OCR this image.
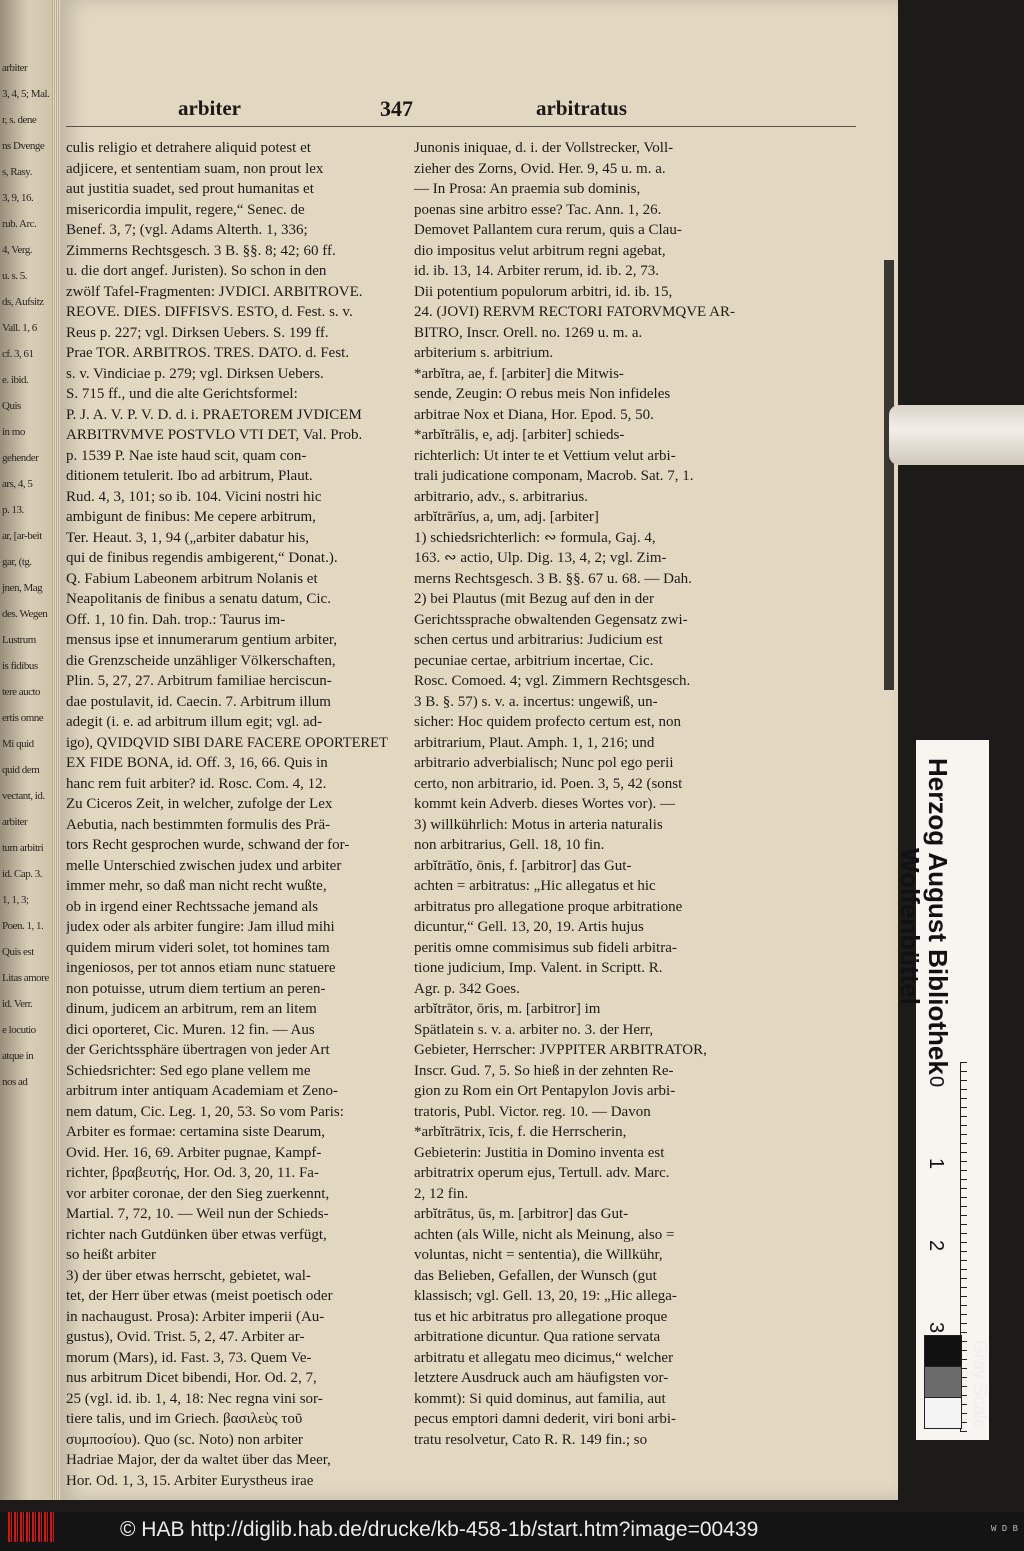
arbiter
3, 4, 5; Mal.
r, s. dene
ns Dvenge
s, Rasy.
3, 9, 16.
rub. Arc.
4, Verg.
u. s. 5.
ds, Aufsitz
Vall. 1, 6
cf. 3, 61
e. ibid.
Quis
in mo
gehender
ars, 4, 5
p. 13.
ar, [ar-beit
gar, (tg.
jnen, Mag
des. Wegen
Lustrum
is fidibus
tere aucto
ertis omne
Mi quid
quid dem
vectant, id.
arbiter
tum arbitri
id. Cap. 3.
1, 1, 3;
Poen. 1, 1.
Quis est
Litas amore
id. Verr.
e locutio
atque in
nos ad
arbiter	347	arbitratus
culis religio et detrahere aliquid potest et
adjicere, et sententiam suam, non prout lex
aut justitia suadet, sed prout humanitas et
misericordia impulit, regere,“ Senec. de
Benef. 3, 7; (vgl. Adams Alterth. 1, 336;
Zimmerns Rechtsgesch. 3 B. §§. 8; 42; 60 ff.
u. die dort angef. Juristen). So schon in den
zwölf Tafel-Fragmenten: JVDICI. ARBITROVE.
REOVE. DIES. DIFFISVS. ESTO, d. Fest. s. v.
Reus p. 227; vgl. Dirksen Uebers. S. 199 ff.
Prae TOR. ARBITROS. TRES. DATO. d. Fest.
s. v. Vindiciae p. 279; vgl. Dirksen Uebers.
S. 715 ff., und die alte Gerichtsformel:
P. J. A. V. P. V. D. d. i. PRAETOREM JVDICEM
ARBITRVMVE POSTVLO VTI DET, Val. Prob.
p. 1539 P. Nae iste haud scit, quam con-
ditionem tetulerit. Ibo ad arbitrum, Plaut.
Rud. 4, 3, 101; so ib. 104. Vicini nostri hic
ambigunt de finibus: Me cepere arbitrum,
Ter. Heaut. 3, 1, 94 („arbiter dabatur his,
qui de finibus regendis ambigerent,“ Donat.).
Q. Fabium Labeonem arbitrum Nolanis et
Neapolitanis de finibus a senatu datum, Cic.
Off. 1, 10 fin. Dah. trop.: Taurus im-
mensus ipse et innumerarum gentium arbiter,
die Grenzscheide unzähliger Völkerschaften,
Plin. 5, 27, 27. Arbitrum familiae herciscun-
dae postulavit, id. Caecin. 7. Arbitrum illum
adegit (i. e. ad arbitrum illum egit; vgl. ad-
igo), QVIDQVID SIBI DARE FACERE OPORTERET
EX FIDE BONA, id. Off. 3, 16, 66. Quis in
hanc rem fuit arbiter? id. Rosc. Com. 4, 12.
Zu Ciceros Zeit, in welcher, zufolge der Lex
Aebutia, nach bestimmten formulis des Prä-
tors Recht gesprochen wurde, schwand der for-
melle Unterschied zwischen judex und arbiter
immer mehr, so daß man nicht recht wußte,
ob in irgend einer Rechtssache jemand als
judex oder als arbiter fungire: Jam illud mihi
quidem mirum videri solet, tot homines tam
ingeniosos, per tot annos etiam nunc statuere
non potuisse, utrum diem tertium an peren-
dinum, judicem an arbitrum, rem an litem
dici oporteret, Cic. Muren. 12 fin. — Aus
der Gerichtssphäre übertragen von jeder Art
Schiedsrichter: Sed ego plane vellem me
arbitrum inter antiquam Academiam et Zeno-
nem datum, Cic. Leg. 1, 20, 53. So vom Paris:
Arbiter es formae: certamina siste Dearum,
Ovid. Her. 16, 69. Arbiter pugnae, Kampf-
richter, βραβευτής, Hor. Od. 3, 20, 11. Fa-
vor arbiter coronae, der den Sieg zuerkennt,
Martial. 7, 72, 10. — Weil nun der Schieds-
richter nach Gutdünken über etwas verfügt,
so heißt arbiter
3) der über etwas herrscht, gebietet, wal-
tet, der Herr über etwas (meist poetisch oder
in nachaugust. Prosa): Arbiter imperii (Au-
gustus), Ovid. Trist. 5, 2, 47. Arbiter ar-
morum (Mars), id. Fast. 3, 73. Quem Ve-
nus arbitrum Dicet bibendi, Hor. Od. 2, 7,
25 (vgl. id. ib. 1, 4, 18: Nec regna vini sor-
tiere talis, und im Griech. βασιλεὺς τοῦ
συμποσίου). Quo (sc. Noto) non arbiter
Hadriae Major, der da waltet über das Meer,
Hor. Od. 1, 3, 15. Arbiter Eurystheus irae
Junonis iniquae, d. i. der Vollstrecker, Voll-
zieher des Zorns, Ovid. Her. 9, 45 u. m. a.
— In Prosa: An praemia sub dominis,
poenas sine arbitro esse? Tac. Ann. 1, 26.
Demovet Pallantem cura rerum, quis a Clau-
dio impositus velut arbitrum regni agebat,
id. ib. 13, 14. Arbiter rerum, id. ib. 2, 73.
Dii potentium populorum arbitri, id. ib. 15,
24. (JOVI) RERVM RECTORI FATORVMQVE AR-
BITRO, Inscr. Orell. no. 1269 u. m. a.
arbiterium s. arbitrium.
*arbĭtra, ae, f. [arbiter] die Mitwis-
sende, Zeugin: O rebus meis Non infideles
arbitrae Nox et Diana, Hor. Epod. 5, 50.
*arbĭtrālis, e, adj. [arbiter] schieds-
richterlich: Ut inter te et Vettium velut arbi-
trali judicatione componam, Macrob. Sat. 7, 1.
arbitrario, adv., s. arbitrarius.
arbĭtrārĭus, a, um, adj. [arbiter]
1) schiedsrichterlich: ∾ formula, Gaj. 4,
163. ∾ actio, Ulp. Dig. 13, 4, 2; vgl. Zim-
merns Rechtsgesch. 3 B. §§. 67 u. 68. — Dah.
2) bei Plautus (mit Bezug auf den in der
Gerichtssprache obwaltenden Gegensatz zwi-
schen certus und arbitrarius: Judicium est
pecuniae certae, arbitrium incertae, Cic.
Rosc. Comoed. 4; vgl. Zimmern Rechtsgesch.
3 B. §. 57) s. v. a. incertus: ungewiß, un-
sicher: Hoc quidem profecto certum est, non
arbitrarium, Plaut. Amph. 1, 1, 216; und
arbitrario adverbialisch; Nunc pol ego perii
certo, non arbitrario, id. Poen. 3, 5, 42 (sonst
kommt kein Adverb. dieses Wortes vor). —
3) willkührlich: Motus in arteria naturalis
non arbitrarius, Gell. 18, 10 fin.
arbĭtrātĭo, ōnis, f. [arbitror] das Gut-
achten = arbitratus: „Hic allegatus et hic
arbitratus pro allegatione proque arbitratione
dicuntur,“ Gell. 13, 20, 19. Artis hujus
peritis omne commisimus sub fideli arbitra-
tione judicium, Imp. Valent. in Scriptt. R.
Agr. p. 342 Goes.
arbĭtrātor, ōris, m. [arbitror] im
Spätlatein s. v. a. arbiter no. 3. der Herr,
Gebieter, Herrscher: JVPPITER ARBITRATOR,
Inscr. Gud. 7, 5. So hieß in der zehnten Re-
gion zu Rom ein Ort Pentapylon Jovis arbi-
tratoris, Publ. Victor. reg. 10. — Davon
*arbĭtrātrix, īcis, f. die Herrscherin,
Gebieterin: Justitia in Domino inventa est
arbitratrix operum ejus, Tertull. adv. Marc.
2, 12 fin.
arbĭtrātus, ūs, m. [arbitror] das Gut-
achten (als Wille, nicht als Meinung, also =
voluntas, nicht = sententia), die Willkühr,
das Belieben, Gefallen, der Wunsch (gut
klassisch; vgl. Gell. 13, 20, 19: „Hic allega-
tus et hic arbitratus pro allegatione proque
arbitratione dicuntur. Qua ratione servata
arbitratu et allegatu meo dicimus,“ welcher
letztere Ausdruck auch am häufigsten vor-
kommt): Si quid dominus, aut familia, aut
pecus emptori damni dederit, viri boni arbi-
tratu resolvetur, Cato R. R. 149 fin.; so
Herzog August Bibliothek
Wolfenbüttel
0
1
2
3
Gray Scale
© HAB http://diglib.hab.de/drucke/kb-458-1b/start.htm?image=00439	W D B
